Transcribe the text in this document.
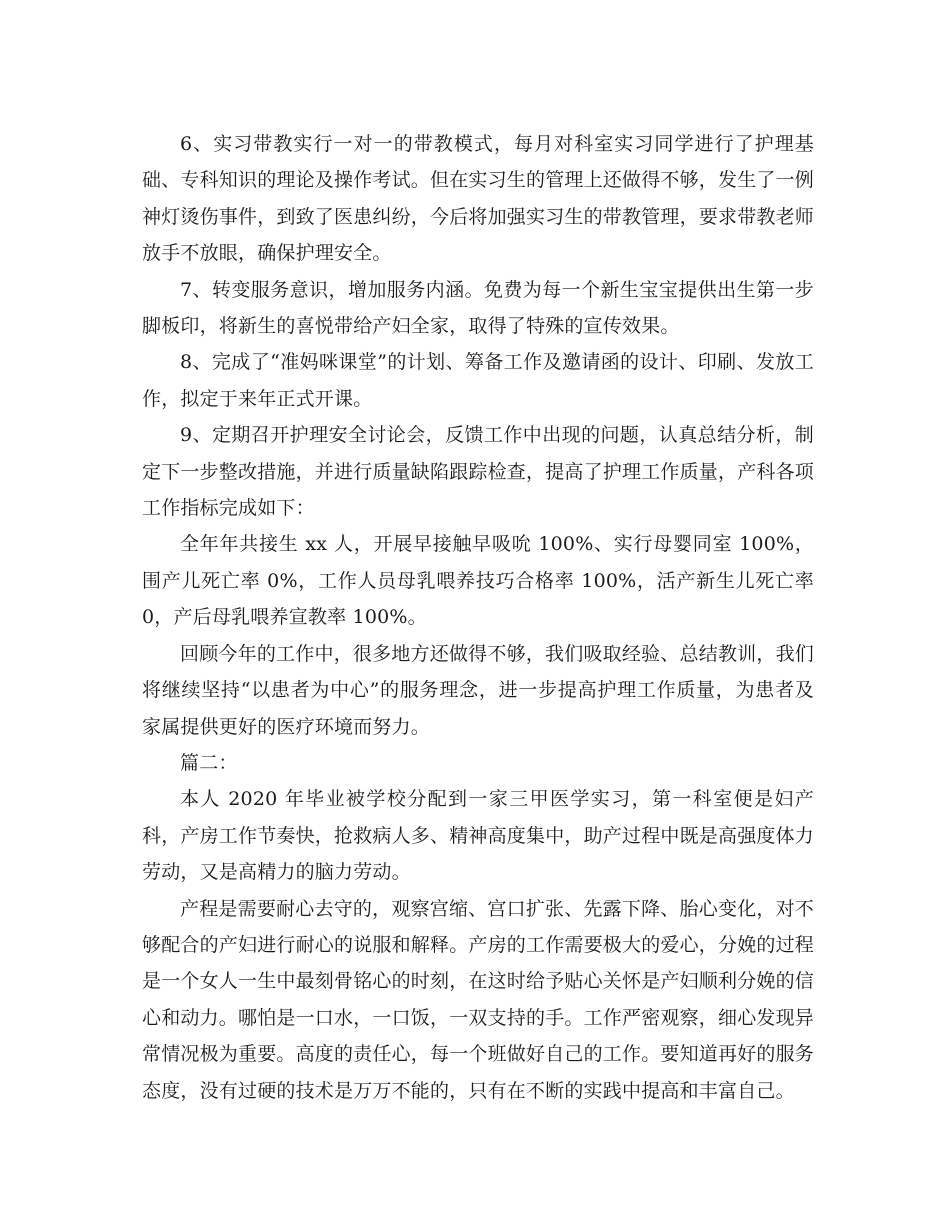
6、实习带教实行一对一的带教模式，每月对科室实习同学进行了护理基础、专科知识的理论及操作考试。但在实习生的管理上还做得不够，发生了一例神灯烫伤事件，到致了医患纠纷，今后将加强实习生的带教管理，要求带教老师放手不放眼，确保护理安全。

7、转变服务意识，增加服务内涵。免费为每一个新生宝宝提供出生第一步脚板印，将新生的喜悦带给产妇全家，取得了特殊的宣传效果。

8、完成了“准妈咪课堂”的计划、筹备工作及邀请函的设计、印刷、发放工作，拟定于来年正式开课。

9、定期召开护理安全讨论会，反馈工作中出现的问题，认真总结分析，制定下一步整改措施，并进行质量缺陷跟踪检查，提高了护理工作质量，产科各项工作指标完成如下：

全年年共接生 xx 人，开展早接触早吸吮 100%、实行母婴同室 100%，围产儿死亡率 0%，工作人员母乳喂养技巧合格率 100%，活产新生儿死亡率 0，产后母乳喂养宣教率 100%。

回顾今年的工作中，很多地方还做得不够，我们吸取经验、总结教训，我们将继续坚持“以患者为中心”的服务理念，进一步提高护理工作质量，为患者及家属提供更好的医疗环境而努力。

篇二：

本人 2020 年毕业被学校分配到一家三甲医学实习，第一科室便是妇产科，产房工作节奏快，抢救病人多、精神高度集中，助产过程中既是高强度体力劳动，又是高精力的脑力劳动。

产程是需要耐心去守的，观察宫缩、宫口扩张、先露下降、胎心变化，对不够配合的产妇进行耐心的说服和解释。产房的工作需要极大的爱心，分娩的过程是一个女人一生中最刻骨铭心的时刻，在这时给予贴心关怀是产妇顺利分娩的信心和动力。哪怕是一口水，一口饭，一双支持的手。工作严密观察，细心发现异常情况极为重要。高度的责任心，每一个班做好自己的工作。要知道再好的服务态度，没有过硬的技术是万万不能的，只有在不断的实践中提高和丰富自己。
